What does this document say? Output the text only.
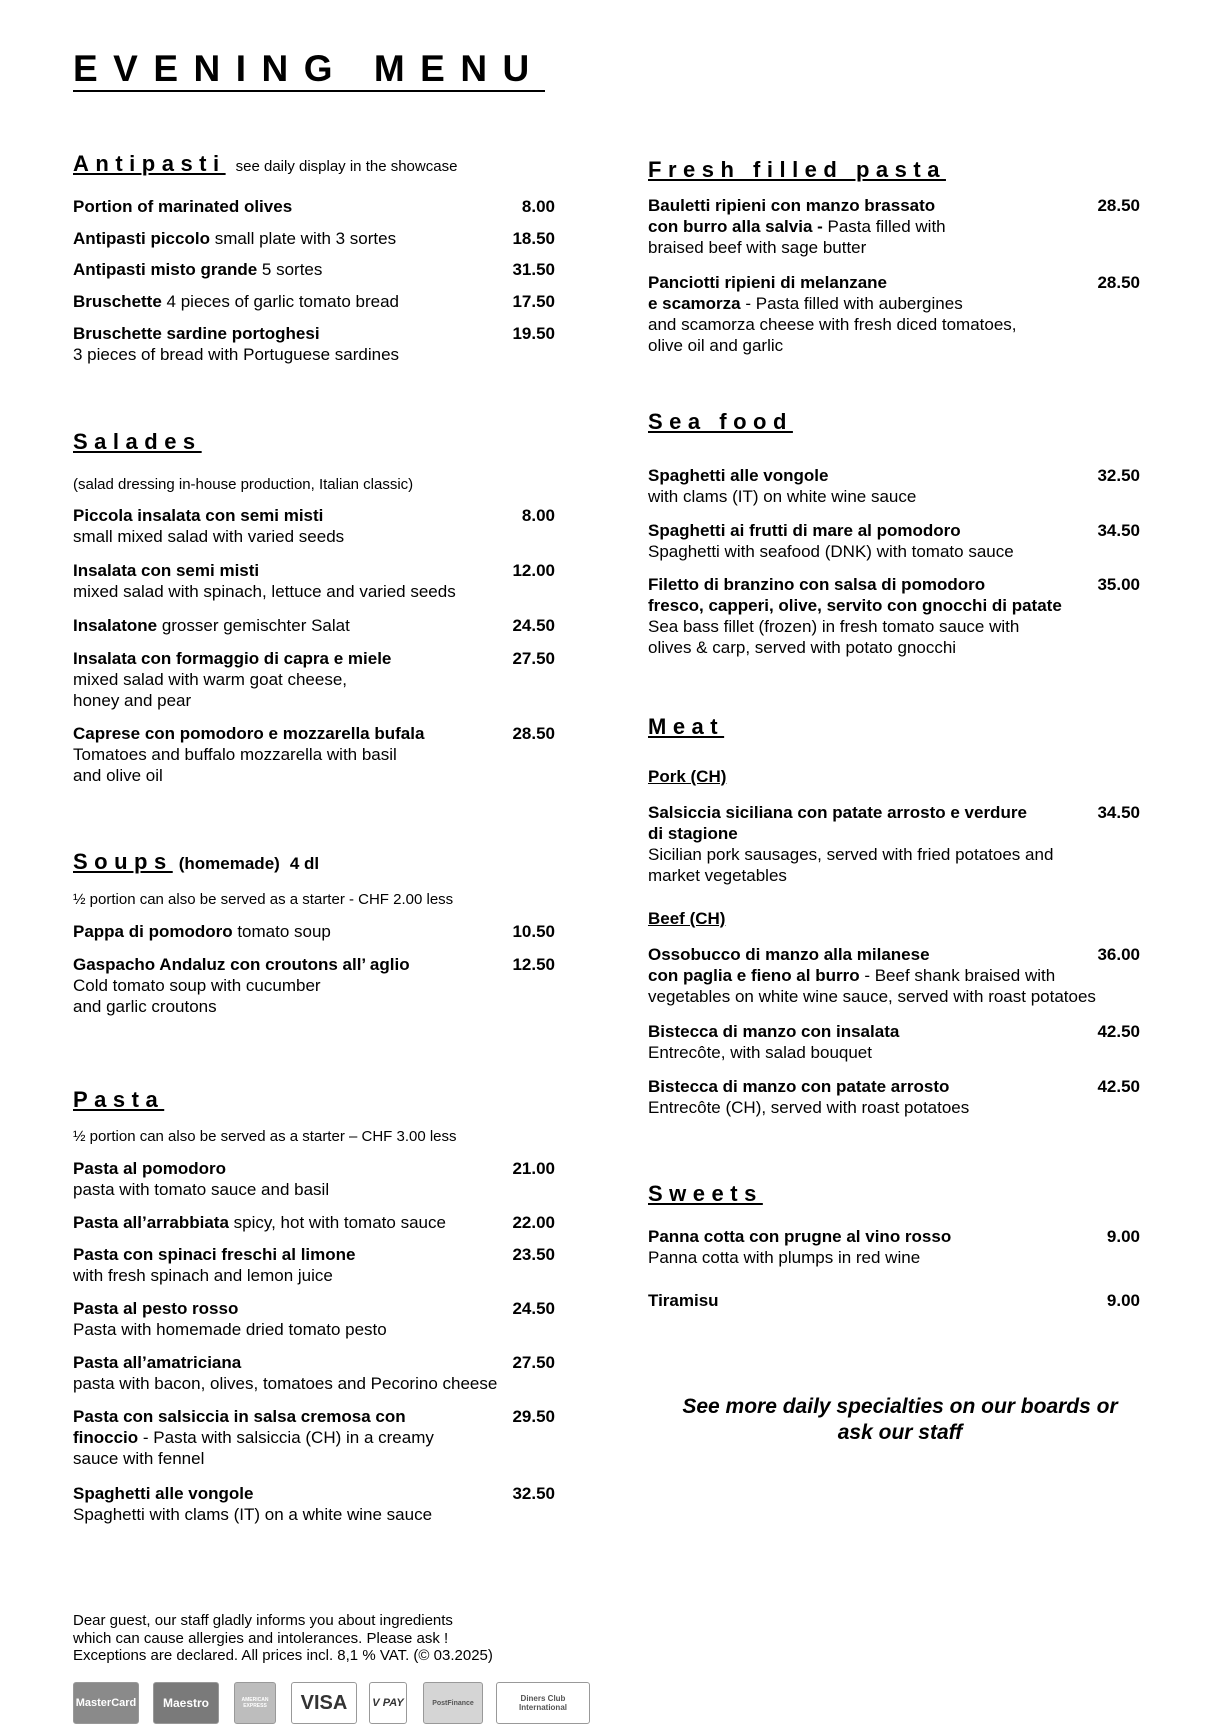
EVENING MENU
Antipasti see daily display in the showcase
Portion of marinated olives	8.00
Antipasti piccolo small plate with 3 sortes	18.50
Antipasti misto grande 5 sortes	31.50
Bruschette 4 pieces of garlic tomato bread	17.50
Bruschette sardine portoghesi
3 pieces of bread with Portuguese sardines
19.50
Salades

(salad dressing in-house production, Italian classic)

Piccola insalata con semi misti
small mixed salad with varied seeds
8.00
Insalata con semi misti
mixed salad with spinach, lettuce and varied seeds
12.00
Insalatone grosser gemischter Salat	24.50
Insalata con formaggio di capra e miele
mixed salad with warm goat cheese,
honey and pear
27.50
Caprese con pomodoro e mozzarella bufala
Tomatoes and buffalo mozzarella with basil
and olive oil
28.50
Soups (homemade) 4 dl

½ portion can also be served as a starter - CHF 2.00 less

Pappa di pomodoro tomato soup	10.50
Gaspacho Andaluz con croutons all’ aglio
Cold tomato soup with cucumber
and garlic croutons
12.50
Pasta

½ portion can also be served as a starter – CHF 3.00 less

Pasta al pomodoro
pasta with tomato sauce and basil
21.00
Pasta all’arrabbiata spicy, hot with tomato sauce	22.00
Pasta con spinaci freschi al limone
with fresh spinach and lemon juice
23.50
Pasta al pesto rosso
Pasta with homemade dried tomato pesto
24.50
Pasta all’amatriciana
pasta with bacon, olives, tomatoes and Pecorino cheese
27.50
Pasta con salsiccia in salsa cremosa con
finoccio - Pasta with salsiccia (CH) in a creamy
sauce with fennel
29.50
Spaghetti alle vongole
Spaghetti with clams (IT) on a white wine sauce
32.50
Fresh filled pasta
Bauletti ripieni con manzo brassato
con burro alla salvia - Pasta filled with
braised beef with sage butter
28.50
Panciotti ripieni di melanzane
e scamorza - Pasta filled with aubergines
and scamorza cheese with fresh diced tomatoes,
olive oil and garlic
28.50
Sea food
Spaghetti alle vongole
with clams (IT) on white wine sauce
32.50
Spaghetti ai frutti di mare al pomodoro
Spaghetti with seafood (DNK) with tomato sauce
34.50
Filetto di branzino con salsa di pomodoro
fresco, capperi, olive, servito con gnocchi di patate
Sea bass fillet (frozen) in fresh tomato sauce with
olives & carp, served with potato gnocchi
35.00
Meat

Pork (CH)

Salsiccia siciliana con patate arrosto e verdure
di stagione
Sicilian pork sausages, served with fried potatoes and
market vegetables
34.50

Beef (CH)

Ossobucco di manzo alla milanese
con paglia e fieno al burro - Beef shank braised with
vegetables on white wine sauce, served with roast potatoes
36.00
Bistecca di manzo con insalata
Entrecôte, with salad bouquet
42.50
Bistecca di manzo con patate arrosto
Entrecôte (CH), served with roast potatoes
42.50
Sweets
Panna cotta con prugne al vino rosso
Panna cotta with plumps in red wine
9.00
Tiramisu	9.00
See more daily specialties on our boards or
ask our staff
Dear guest, our staff gladly informs you about ingredients
which can cause allergies and intolerances. Please ask !
Exceptions are declared. All prices incl. 8,1 % VAT. (© 03.2025)
MasterCard	Maestro	AMERICAN EXPRESS	VISA	V PAY	PostFinance	Diners Club International
